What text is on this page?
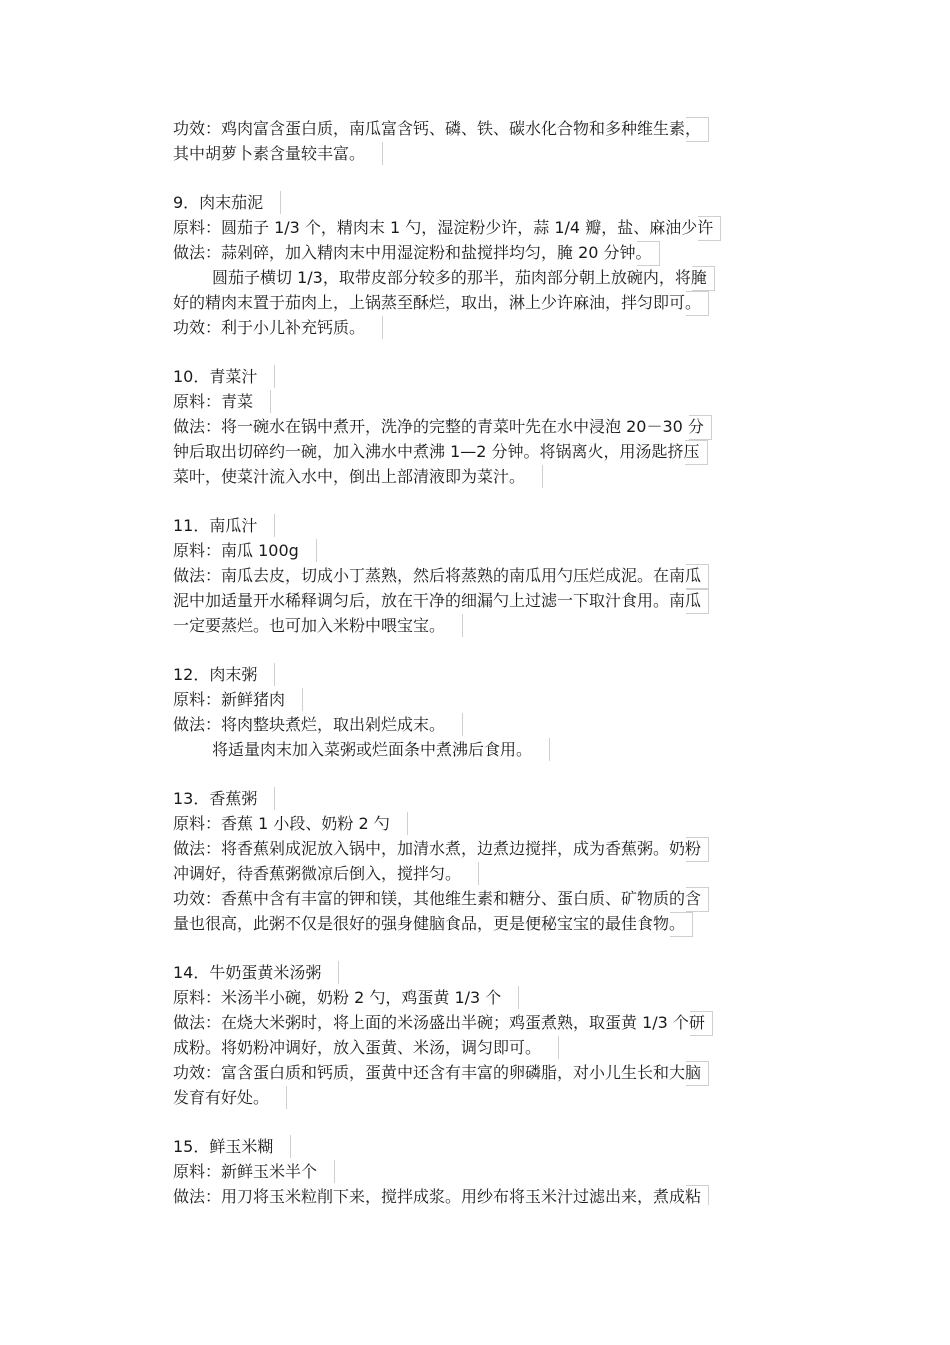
功效：鸡肉富含蛋白质，南瓜富含钙、磷、铁、碳水化合物和多种维生素，
其中胡萝卜素含量较丰富。
9．肉末茄泥
原料：圆茄子 1/3 个，精肉末 1 勺，湿淀粉少许，蒜 1/4 瓣，盐、麻油少许
做法：蒜剁碎，加入精肉末中用湿淀粉和盐搅拌均匀，腌 20 分钟。
圆茄子横切 1/3，取带皮部分较多的那半，茄肉部分朝上放碗内，将腌
好的精肉末置于茄肉上，上锅蒸至酥烂，取出，淋上少许麻油，拌匀即可。
功效：利于小儿补充钙质。
10．青菜汁
原料：青菜
做法：将一碗水在锅中煮开，洗净的完整的青菜叶先在水中浸泡 20－30 分
钟后取出切碎约一碗，加入沸水中煮沸 1—2 分钟。将锅离火，用汤匙挤压
菜叶，使菜汁流入水中，倒出上部清液即为菜汁。
11．南瓜汁
原料：南瓜 100g
做法：南瓜去皮，切成小丁蒸熟，然后将蒸熟的南瓜用勺压烂成泥。在南瓜
泥中加适量开水稀释调匀后，放在干净的细漏勺上过滤一下取汁食用。南瓜
一定要蒸烂。也可加入米粉中喂宝宝。
12．肉末粥
原料：新鲜猪肉
做法：将肉整块煮烂，取出剁烂成末。
将适量肉末加入菜粥或烂面条中煮沸后食用。
13．香蕉粥
原料：香蕉 1 小段、奶粉 2 勺
做法：将香蕉剁成泥放入锅中，加清水煮，边煮边搅拌，成为香蕉粥。奶粉
冲调好，待香蕉粥微凉后倒入，搅拌匀。
功效：香蕉中含有丰富的钾和镁，其他维生素和糖分、蛋白质、矿物质的含
量也很高，此粥不仅是很好的强身健脑食品，更是便秘宝宝的最佳食物。
14．牛奶蛋黄米汤粥
原料：米汤半小碗，奶粉 2 勺，鸡蛋黄 1/3 个
做法：在烧大米粥时，将上面的米汤盛出半碗；鸡蛋煮熟，取蛋黄 1/3 个研
成粉。将奶粉冲调好，放入蛋黄、米汤，调匀即可。
功效：富含蛋白质和钙质，蛋黄中还含有丰富的卵磷脂，对小儿生长和大脑
发育有好处。
15．鲜玉米糊
原料：新鲜玉米半个
做法：用刀将玉米粒削下来，搅拌成浆。用纱布将玉米汁过滤出来，煮成粘
